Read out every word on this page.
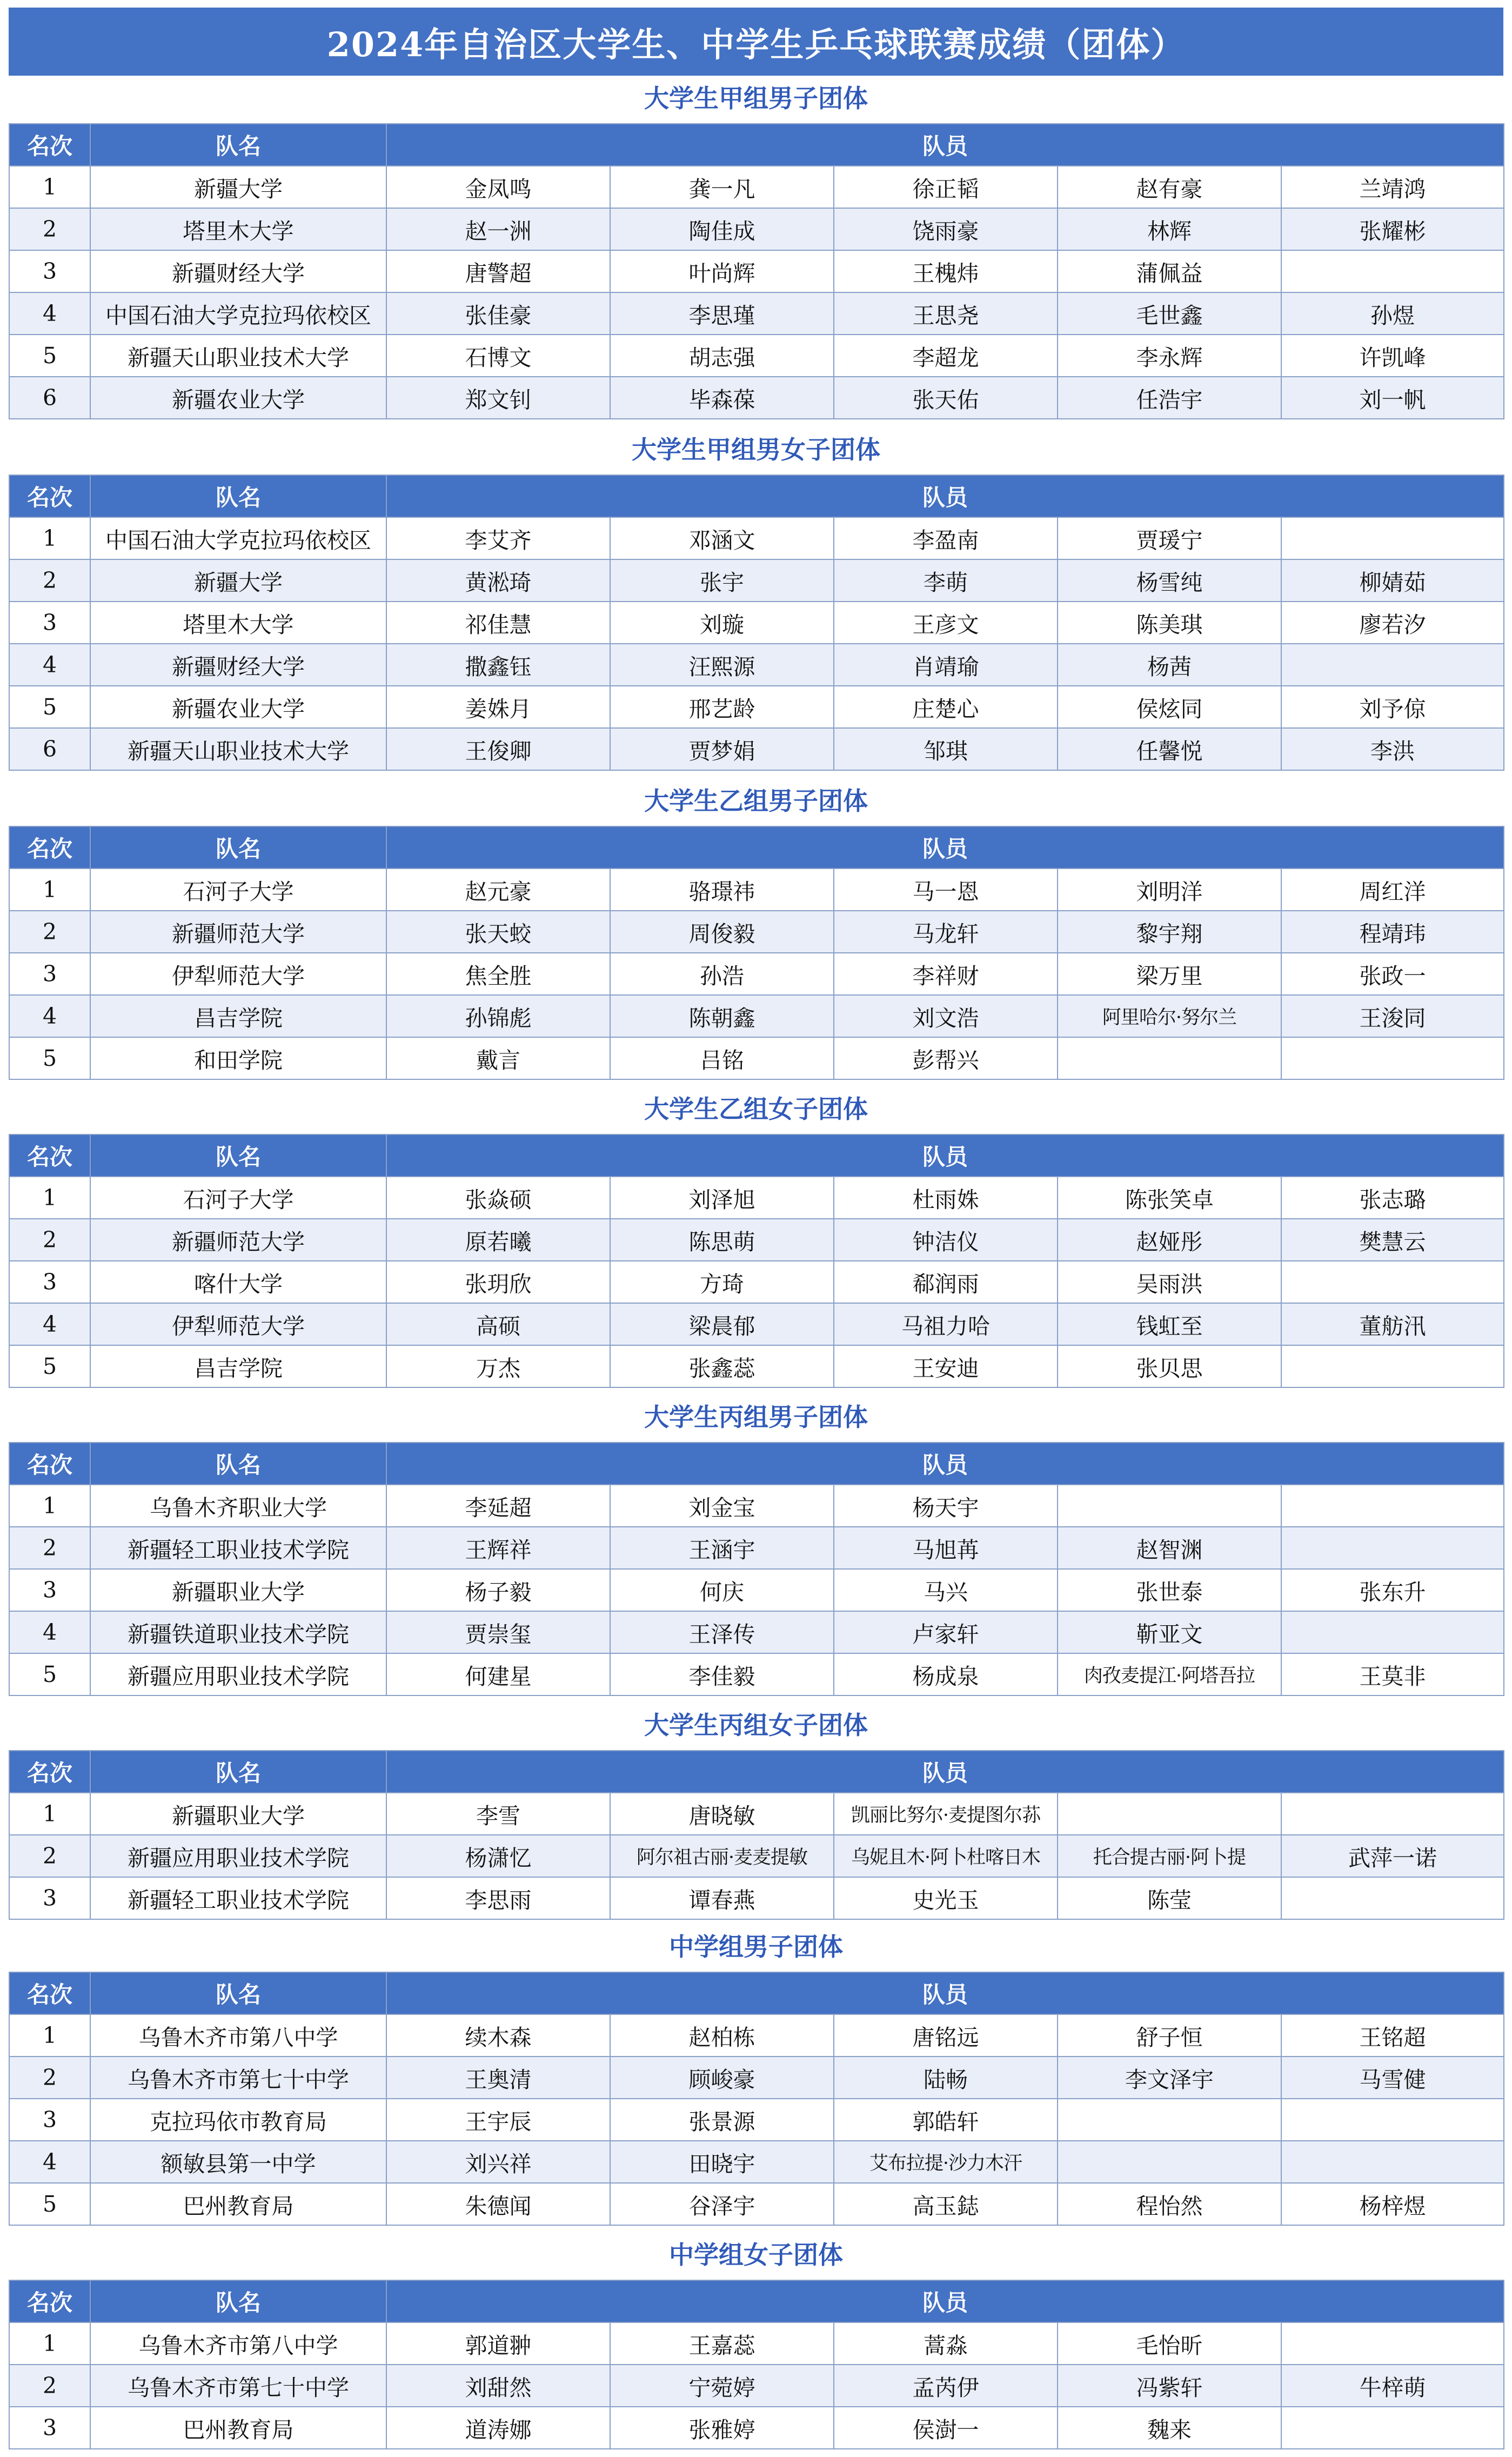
2024年自治区大学生、中学生乒乓球联赛成绩（团体）
大学生甲组男子团体
名次	队名	队员				
1	新疆大学	金凤鸣	龚一凡	徐正韬	赵有豪	兰靖鸿
2	塔里木大学	赵一洲	陶佳成	饶雨豪	林辉	张耀彬
3	新疆财经大学	唐警超	叶尚辉	王槐炜	蒲佩益	
4	中国石油大学克拉玛依校区	张佳豪	李思瑾	王思尧	毛世鑫	孙煜
5	新疆天山职业技术大学	石博文	胡志强	李超龙	李永辉	许凯峰
6	新疆农业大学	郑文钊	毕森葆	张天佑	任浩宇	刘一帆
大学生甲组男女子团体
名次	队名	队员				
1	中国石油大学克拉玛依校区	李艾齐	邓涵文	李盈南	贾瑗宁	
2	新疆大学	黄淞琦	张宇	李萌	杨雪纯	柳婧茹
3	塔里木大学	祁佳慧	刘璇	王彦文	陈美琪	廖若汐
4	新疆财经大学	撒鑫钰	汪熙源	肖靖瑜	杨茜	
5	新疆农业大学	姜姝月	邢艺龄	庄楚心	侯炫同	刘予倞
6	新疆天山职业技术大学	王俊卿	贾梦娟	邹琪	任馨悦	李洪
大学生乙组男子团体
名次	队名	队员				
1	石河子大学	赵元豪	骆璟祎	马一恩	刘明洋	周红洋
2	新疆师范大学	张天蛟	周俊毅	马龙轩	黎宇翔	程靖玮
3	伊犁师范大学	焦全胜	孙浩	李祥财	梁万里	张政一
4	昌吉学院	孙锦彪	陈朝鑫	刘文浩	阿里哈尔·努尔兰	王浚同
5	和田学院	戴言	吕铭	彭帮兴		
大学生乙组女子团体
名次	队名	队员				
1	石河子大学	张焱硕	刘泽旭	杜雨姝	陈张笑卓	张志璐
2	新疆师范大学	原若曦	陈思萌	钟洁仪	赵娅彤	樊慧云
3	喀什大学	张玥欣	方琦	郗润雨	吴雨洪	
4	伊犁师范大学	高硕	梁晨郁	马祖力哈	钱虹至	董舫汛
5	昌吉学院	万杰	张鑫蕊	王安迪	张贝思	
大学生丙组男子团体
名次	队名	队员				
1	乌鲁木齐职业大学	李延超	刘金宝	杨天宇		
2	新疆轻工职业技术学院	王辉祥	王涵宇	马旭苒	赵智渊	
3	新疆职业大学	杨子毅	何庆	马兴	张世泰	张东升
4	新疆铁道职业技术学院	贾崇玺	王泽传	卢家轩	靳亚文	
5	新疆应用职业技术学院	何建星	李佳毅	杨成泉	肉孜麦提江·阿塔吾拉	王莫非
大学生丙组女子团体
名次	队名	队员				
1	新疆职业大学	李雪	唐晓敏	凯丽比努尔·麦提图尔荪		
2	新疆应用职业技术学院	杨潇忆	阿尔祖古丽·麦麦提敏	乌妮且木·阿卜杜喀日木	托合提古丽·阿卜提	武萍一诺
3	新疆轻工职业技术学院	李思雨	谭春燕	史光玉	陈莹	
中学组男子团体
名次	队名	队员				
1	乌鲁木齐市第八中学	续木森	赵柏栋	唐铭远	舒子恒	王铭超
2	乌鲁木齐市第七十中学	王奥清	顾峻豪	陆畅	李文泽宇	马雪健
3	克拉玛依市教育局	王宇辰	张景源	郭皓轩		
4	额敏县第一中学	刘兴祥	田晓宇	艾布拉提·沙力木汗		
5	巴州教育局	朱德闻	谷泽宇	高玉鋕	程怡然	杨梓煜
中学组女子团体
名次	队名	队员				
1	乌鲁木齐市第八中学	郭道翀	王嘉蕊	蒿淼	毛怡昕	
2	乌鲁木齐市第七十中学	刘甜然	宁菀婷	孟芮伊	冯紫轩	牛梓萌
3	巴州教育局	道涛娜	张雅婷	侯澍一	魏来	
